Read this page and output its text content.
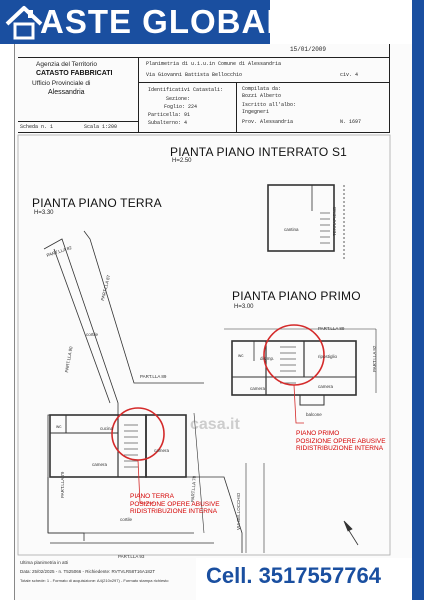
15/01/2009
Agenzia del Territorio
CATASTO FABBRICATI
Ufficio Provinciale di
Alessandria
Planimetria di u.i.u.in Comune di Alessandria
Via Giovanni Battista Bellocchio	civ. 4
Identificativi Catastali:
Sezione:
Foglio: 224
Particella: 91
Subalterno: 4
Compilata da:
Bozzi Alberto
Iscritto all'albo:
Ingegneri
Prov. Alessandria	N. 1697
Scheda n. 1	Scala 1:200
PIANTA PIANO INTERRATO S1
H=2.50
PIANTA PIANO TERRA
H=3.30
PIANTA PIANO PRIMO
H=3.00
cantina	TERRAPIENO
PART.LLA 82
PART.LLA 87
PART.LLA 90
cortile
cortile
PART.LLA 89
PART.LLA 89
PART.LLA 92
PART.LLA 79	PART.LLA 78
PART.LLA 93
VIA BELLOCCHIO
wc	cucina
camera
camera
wc
disimp.	ripostiglio
camera	camera
balcone
casa.it
PIANO PRIMO
POSIZIONE OPERE ABUSIVE
RIDISTRIBUZIONE INTERNA
PIANO TERRA
POSIZIONE OPERE ABUSIVE
RIDISTRIBUZIONE INTERNA
Ultima planimetria in atti
Data: 25/02/2025 - n. T525066 - Richiedente: RVTVLR58T16A182T
Totale schede: 1 - Formato di acquisizione: A4(210x297) - Formato stampa richiesto
ASTE GLOBAL
Cell. 3517557764
